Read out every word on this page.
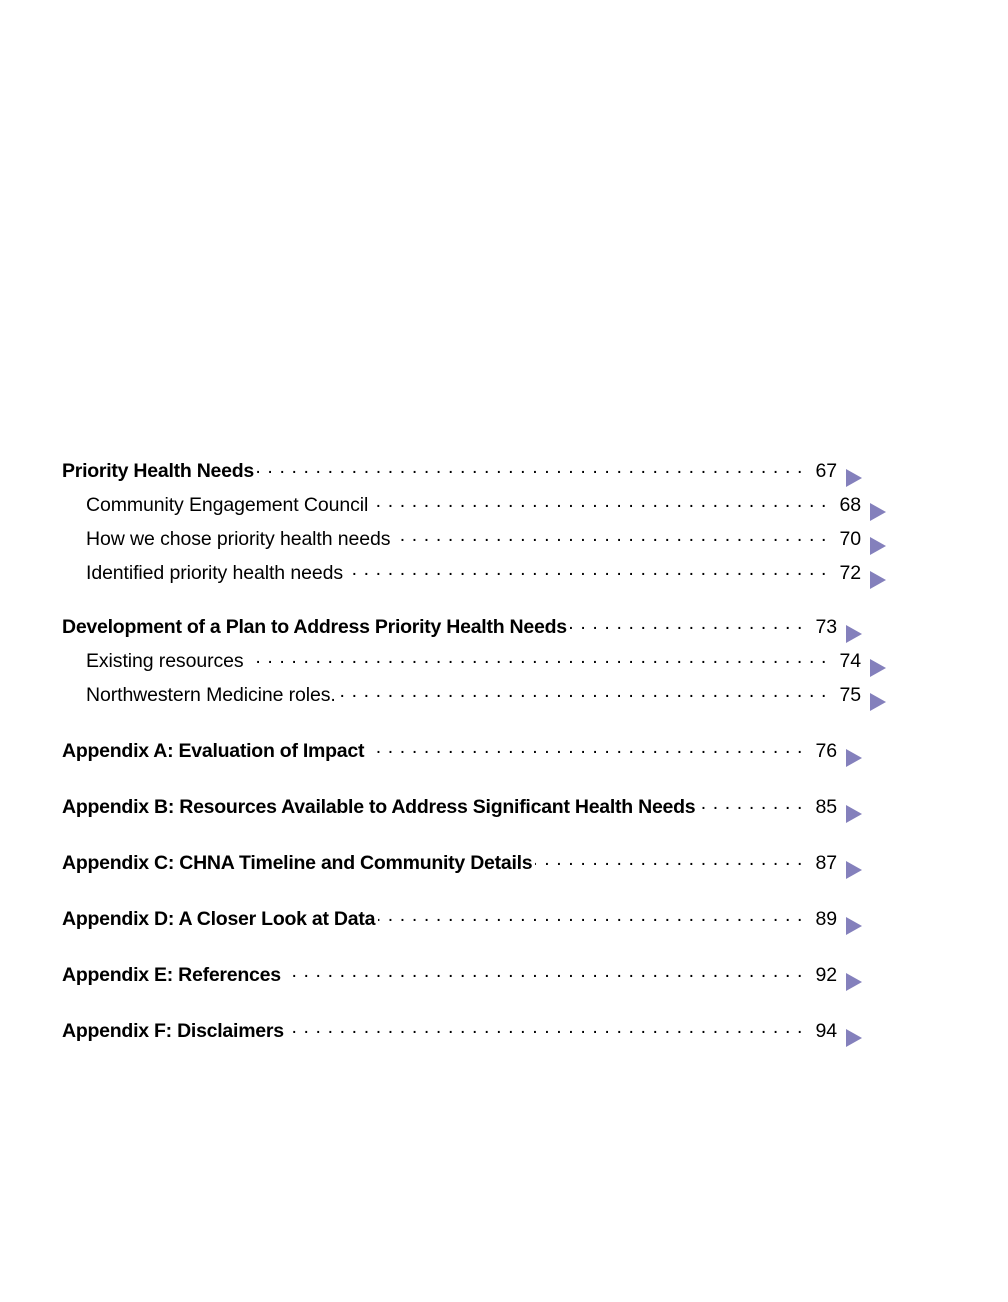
Priority Health Needs . . .	67
Community Engagement Council . . .	68
How we chose priority health needs . . .	70
Identified priority health needs . . .	72
Development of a Plan to Address Priority Health Needs . . .	73
Existing resources . . .	74
Northwestern Medicine roles. . . .	75
Appendix A: Evaluation of Impact . . .	76
Appendix B: Resources Available to Address Significant Health Needs . . .	85
Appendix C: CHNA Timeline and Community Details . . .	87
Appendix D: A Closer Look at Data . . .	89
Appendix E: References . . .	92
Appendix F: Disclaimers . . .	94
